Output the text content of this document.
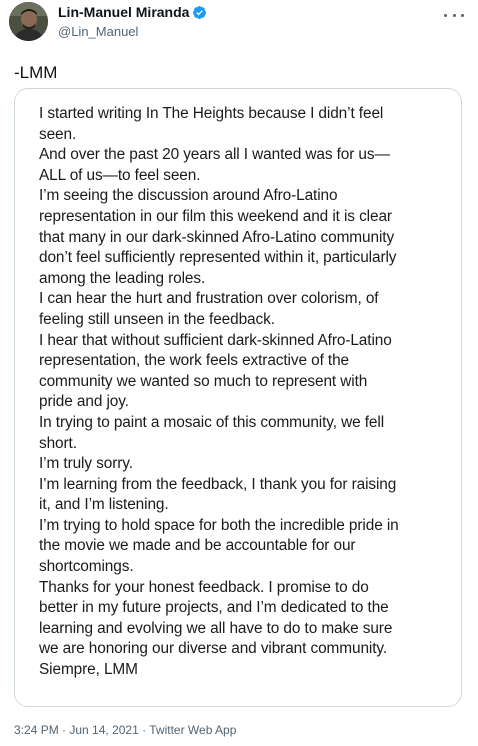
Lin-Manuel Miranda
@Lin_Manuel
-LMM
I started writing In The Heights because I didn’t feel
seen.
And over the past 20 years all I wanted was for us—
ALL of us—to feel seen.
I’m seeing the discussion around Afro-Latino
representation in our film this weekend and it is clear
that many in our dark-skinned Afro-Latino community
don’t feel sufficiently represented within it, particularly
among the leading roles.
I can hear the hurt and frustration over colorism, of
feeling still unseen in the feedback.
I hear that without sufficient dark-skinned Afro-Latino
representation, the work feels extractive of the
community we wanted so much to represent with
pride and joy.
In trying to paint a mosaic of this community, we fell
short.
I’m truly sorry.
I’m learning from the feedback, I thank you for raising
it, and I’m listening.
I’m trying to hold space for both the incredible pride in
the movie we made and be accountable for our
shortcomings.
Thanks for your honest feedback. I promise to do
better in my future projects, and I’m dedicated to the
learning and evolving we all have to do to make sure
we are honoring our diverse and vibrant community.
Siempre, LMM
3:24 PM · Jun 14, 2021 · Twitter Web App
